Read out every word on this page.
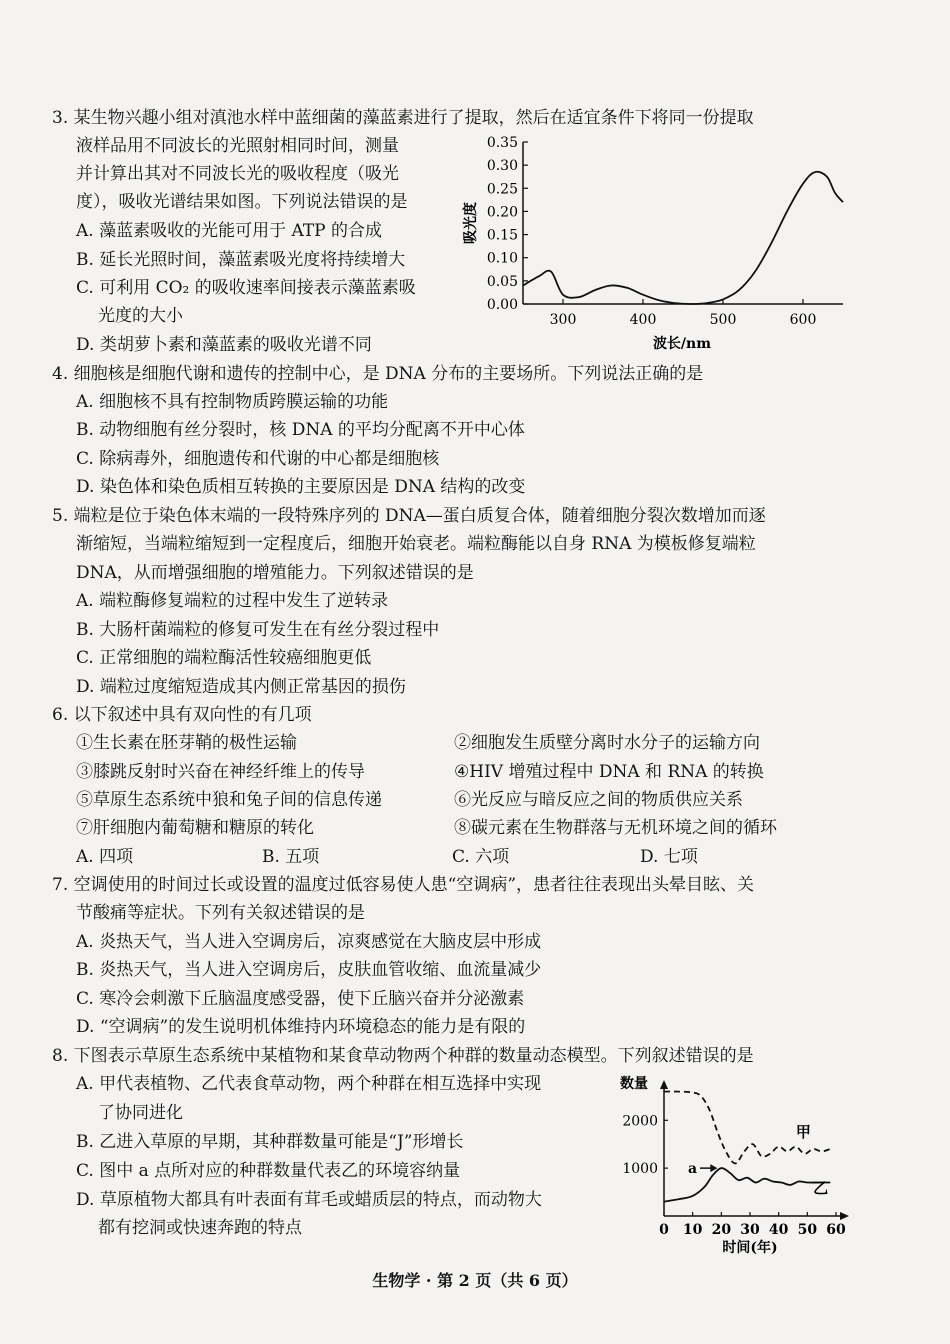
3. 某生物兴趣小组对滇池水样中蓝细菌的藻蓝素进行了提取，然后在适宜条件下将同一份提取
液样品用不同波长的光照射相同时间，测量
并计算出其对不同波长光的吸收程度（吸光
度），吸收光谱结果如图。下列说法错误的是
A. 藻蓝素吸收的光能可用于 ATP 的合成
B. 延长光照时间，藻蓝素吸光度将持续增大
C. 可利用 CO₂ 的吸收速率间接表示藻蓝素吸
光度的大小
D. 类胡萝卜素和藻蓝素的吸收光谱不同
0.00
0.05
0.10
0.15
0.20
0.25
0.30
0.35
300	400	500	600
吸光度
波长/nm
4. 细胞核是细胞代谢和遗传的控制中心，是 DNA 分布的主要场所。下列说法正确的是
A. 细胞核不具有控制物质跨膜运输的功能
B. 动物细胞有丝分裂时，核 DNA 的平均分配离不开中心体
C. 除病毒外，细胞遗传和代谢的中心都是细胞核
D. 染色体和染色质相互转换的主要原因是 DNA 结构的改变
5. 端粒是位于染色体末端的一段特殊序列的 DNA—蛋白质复合体，随着细胞分裂次数增加而逐
渐缩短，当端粒缩短到一定程度后，细胞开始衰老。端粒酶能以自身 RNA 为模板修复端粒
DNA，从而增强细胞的增殖能力。下列叙述错误的是
A. 端粒酶修复端粒的过程中发生了逆转录
B. 大肠杆菌端粒的修复可发生在有丝分裂过程中
C. 正常细胞的端粒酶活性较癌细胞更低
D. 端粒过度缩短造成其内侧正常基因的损伤
6. 以下叙述中具有双向性的有几项
①生长素在胚芽鞘的极性运输	②细胞发生质壁分离时水分子的运输方向
③膝跳反射时兴奋在神经纤维上的传导	④HIV 增殖过程中 DNA 和 RNA 的转换
⑤草原生态系统中狼和兔子间的信息传递	⑥光反应与暗反应之间的物质供应关系
⑦肝细胞内葡萄糖和糖原的转化	⑧碳元素在生物群落与无机环境之间的循环
A. 四项	B. 五项	C. 六项	D. 七项
7. 空调使用的时间过长或设置的温度过低容易使人患“空调病”，患者往往表现出头晕目眩、关
节酸痛等症状。下列有关叙述错误的是
A. 炎热天气，当人进入空调房后，凉爽感觉在大脑皮层中形成
B. 炎热天气，当人进入空调房后，皮肤血管收缩、血流量减少
C. 寒冷会刺激下丘脑温度感受器，使下丘脑兴奋并分泌激素
D. “空调病”的发生说明机体维持内环境稳态的能力是有限的
8. 下图表示草原生态系统中某植物和某食草动物两个种群的数量动态模型。下列叙述错误的是
A. 甲代表植物、乙代表食草动物，两个种群在相互选择中实现
了协同进化
B. 乙进入草原的早期，其种群数量可能是“J”形增长
C. 图中 a 点所对应的种群数量代表乙的环境容纳量
D. 草原植物大都具有叶表面有茸毛或蜡质层的特点，而动物大
都有挖洞或快速奔跑的特点
1000
2000
0 10 20 30 40 50 60
数量
时间(年)
甲
乙
a
生物学 · 第 2 页（共 6 页）
